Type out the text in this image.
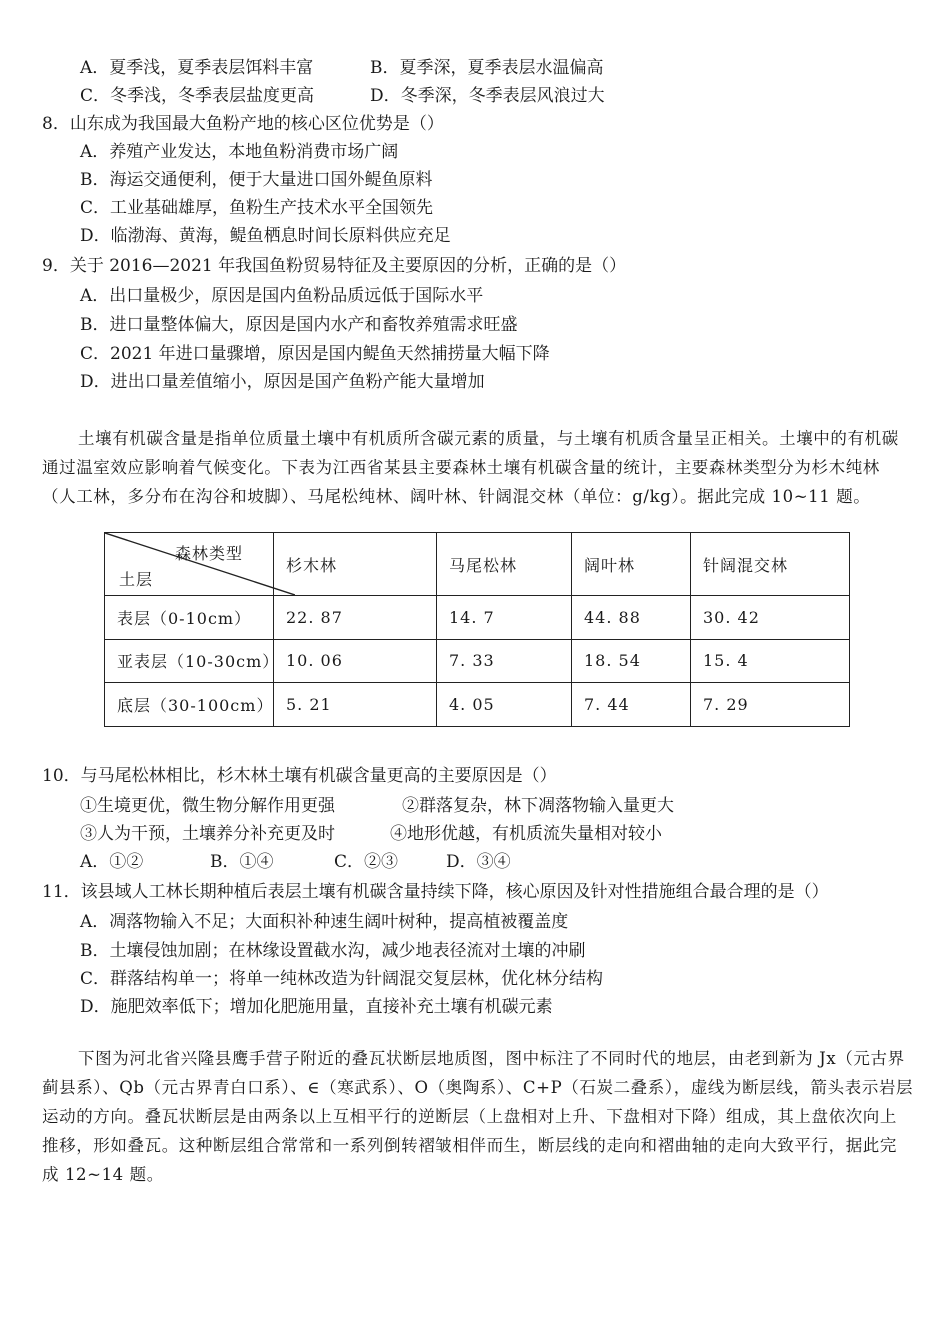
A．夏季浅，夏季表层饵料丰富	B．夏季深，夏季表层水温偏高
C．冬季浅，冬季表层盐度更高	D．冬季深，冬季表层风浪过大
8．山东成为我国最大鱼粉产地的核心区位优势是（）
A．养殖产业发达，本地鱼粉消费市场广阔
B．海运交通便利，便于大量进口国外鳀鱼原料
C．工业基础雄厚，鱼粉生产技术水平全国领先
D．临渤海、黄海，鳀鱼栖息时间长原料供应充足
9．关于 2016—2021 年我国鱼粉贸易特征及主要原因的分析，正确的是（）
A．出口量极少，原因是国内鱼粉品质远低于国际水平
B．进口量整体偏大，原因是国内水产和畜牧养殖需求旺盛
C．2021 年进口量骤增，原因是国内鳀鱼天然捕捞量大幅下降
D．进出口量差值缩小，原因是国产鱼粉产能大量增加
土壤有机碳含量是指单位质量土壤中有机质所含碳元素的质量，与土壤有机质含量呈正相关。土壤中的有机碳通过温室效应影响着气候变化。下表为江西省某县主要森林土壤有机碳含量的统计，主要森林类型分为杉木纯林（人工林，多分布在沟谷和坡脚）、马尾松纯林、阔叶林、针阔混交林（单位：g/kg）。据此完成 10~11 题。
森林类型
土层	杉木林	马尾松林	阔叶林	针阔混交林
表层（0-10cm）	22. 87	14. 7	44. 88	30. 42
亚表层（10-30cm）	10. 06	7. 33	18. 54	15. 4
底层（30-100cm）	5. 21	4. 05	7. 44	7. 29
10．与马尾松林相比，杉木林土壤有机碳含量更高的主要原因是（）
①生境更优，微生物分解作用更强	②群落复杂，林下凋落物输入量更大
③人为干预，土壤养分补充更及时	④地形优越，有机质流失量相对较小
A．①②	B．①④	C．②③	D．③④
11．该县域人工林长期种植后表层土壤有机碳含量持续下降，核心原因及针对性措施组合最合理的是（）
A．凋落物输入不足；大面积补种速生阔叶树种，提高植被覆盖度
B．土壤侵蚀加剧；在林缘设置截水沟，减少地表径流对土壤的冲刷
C．群落结构单一；将单一纯林改造为针阔混交复层林，优化林分结构
D．施肥效率低下；增加化肥施用量，直接补充土壤有机碳元素
下图为河北省兴隆县鹰手营子附近的叠瓦状断层地质图，图中标注了不同时代的地层，由老到新为 Jx（元古界蓟县系）、Qb（元古界青白口系）、∈（寒武系）、O（奥陶系）、C+P（石炭二叠系），虚线为断层线，箭头表示岩层运动的方向。叠瓦状断层是由两条以上互相平行的逆断层（上盘相对上升、下盘相对下降）组成，其上盘依次向上推移，形如叠瓦。这种断层组合常常和一系列倒转褶皱相伴而生，断层线的走向和褶曲轴的走向大致平行，据此完成 12~14 题。
